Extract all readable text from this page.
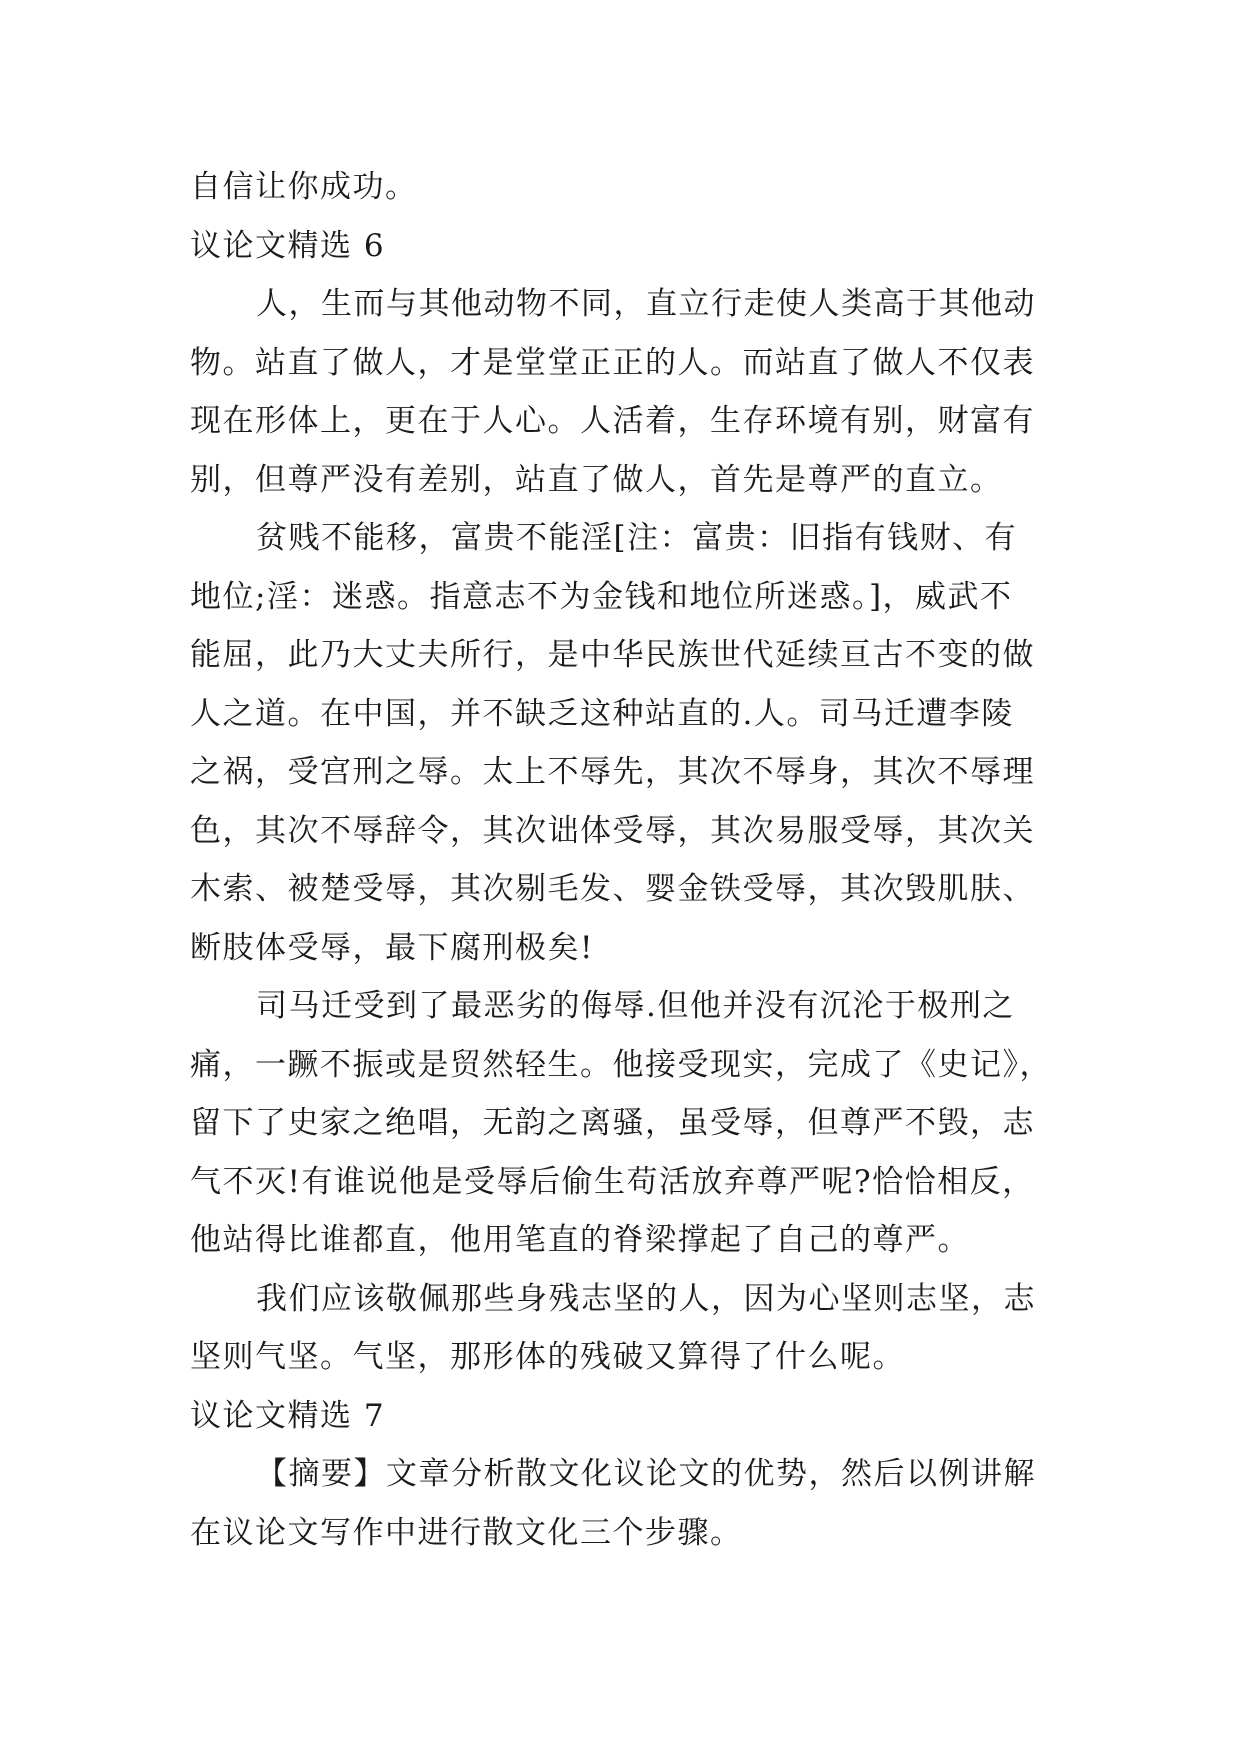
自信让你成功。
议论文精选 6
人，生而与其他动物不同，直立行走使人类高于其他动
物。站直了做人，才是堂堂正正的人。而站直了做人不仅表
现在形体上，更在于人心。人活着，生存环境有别，财富有
别，但尊严没有差别，站直了做人，首先是尊严的直立。
贫贱不能移，富贵不能淫[注：富贵：旧指有钱财、有
地位;淫：迷惑。指意志不为金钱和地位所迷惑。]，威武不
能屈，此乃大丈夫所行，是中华民族世代延续亘古不变的做
人之道。在中国，并不缺乏这种站直的.人。司马迁遭李陵
之祸，受宫刑之辱。太上不辱先，其次不辱身，其次不辱理
色，其次不辱辞令，其次诎体受辱，其次易服受辱，其次关
木索、被楚受辱，其次剔毛发、婴金铁受辱，其次毁肌肤、
断肢体受辱，最下腐刑极矣!
司马迁受到了最恶劣的侮辱.但他并没有沉沦于极刑之
痛，一蹶不振或是贸然轻生。他接受现实，完成了《史记》，
留下了史家之绝唱，无韵之离骚，虽受辱，但尊严不毁，志
气不灭!有谁说他是受辱后偷生苟活放弃尊严呢?恰恰相反，
他站得比谁都直，他用笔直的脊梁撑起了自己的尊严。
我们应该敬佩那些身残志坚的人，因为心坚则志坚，志
坚则气坚。气坚，那形体的残破又算得了什么呢。
议论文精选 7
【摘要】文章分析散文化议论文的优势，然后以例讲解
在议论文写作中进行散文化三个步骤。
